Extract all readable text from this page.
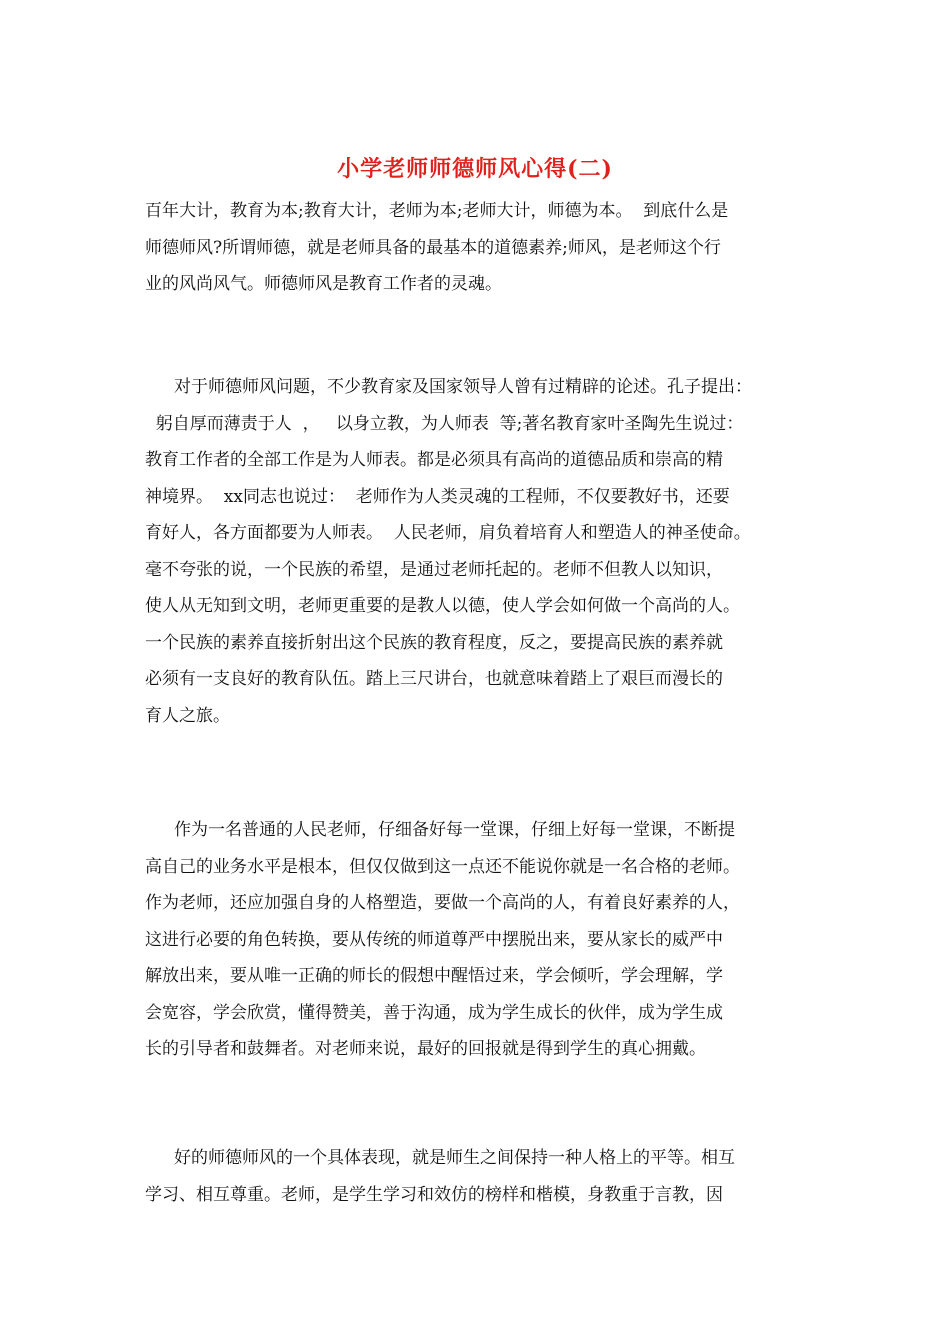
小学老师师德师风心得(二)
百年大计，教育为本;教育大计，老师为本;老师大计，师德为本。  到底什么是
师德师风?所谓师德，就是老师具备的最基本的道德素养;师风，是老师这个行
业的风尚风气。师德师风是教育工作者的灵魂。
对于师德师风问题，不少教育家及国家领导人曾有过精辟的论述。孔子提出：
躬自厚而薄责于人  ，   以身立教，为人师表  等;著名教育家叶圣陶先生说过：
教育工作者的全部工作是为人师表。都是必须具有高尚的道德品质和崇高的精
神境界。  xx同志也说过：  老师作为人类灵魂的工程师，不仅要教好书，还要
育好人，各方面都要为人师表。  人民老师，肩负着培育人和塑造人的神圣使命。
毫不夸张的说，一个民族的希望，是通过老师托起的。老师不但教人以知识，
使人从无知到文明，老师更重要的是教人以德，使人学会如何做一个高尚的人。
一个民族的素养直接折射出这个民族的教育程度，反之，要提高民族的素养就
必须有一支良好的教育队伍。踏上三尺讲台，也就意味着踏上了艰巨而漫长的
育人之旅。
作为一名普通的人民老师，仔细备好每一堂课，仔细上好每一堂课，不断提
高自己的业务水平是根本，但仅仅做到这一点还不能说你就是一名合格的老师。
作为老师，还应加强自身的人格塑造，要做一个高尚的人，有着良好素养的人，
这进行必要的角色转换，要从传统的师道尊严中摆脱出来，要从家长的威严中
解放出来，要从唯一正确的师长的假想中醒悟过来，学会倾听，学会理解，学
会宽容，学会欣赏，懂得赞美，善于沟通，成为学生成长的伙伴，成为学生成
长的引导者和鼓舞者。对老师来说，最好的回报就是得到学生的真心拥戴。
好的师德师风的一个具体表现，就是师生之间保持一种人格上的平等。相互
学习、相互尊重。老师，是学生学习和效仿的榜样和楷模，身教重于言教，因
